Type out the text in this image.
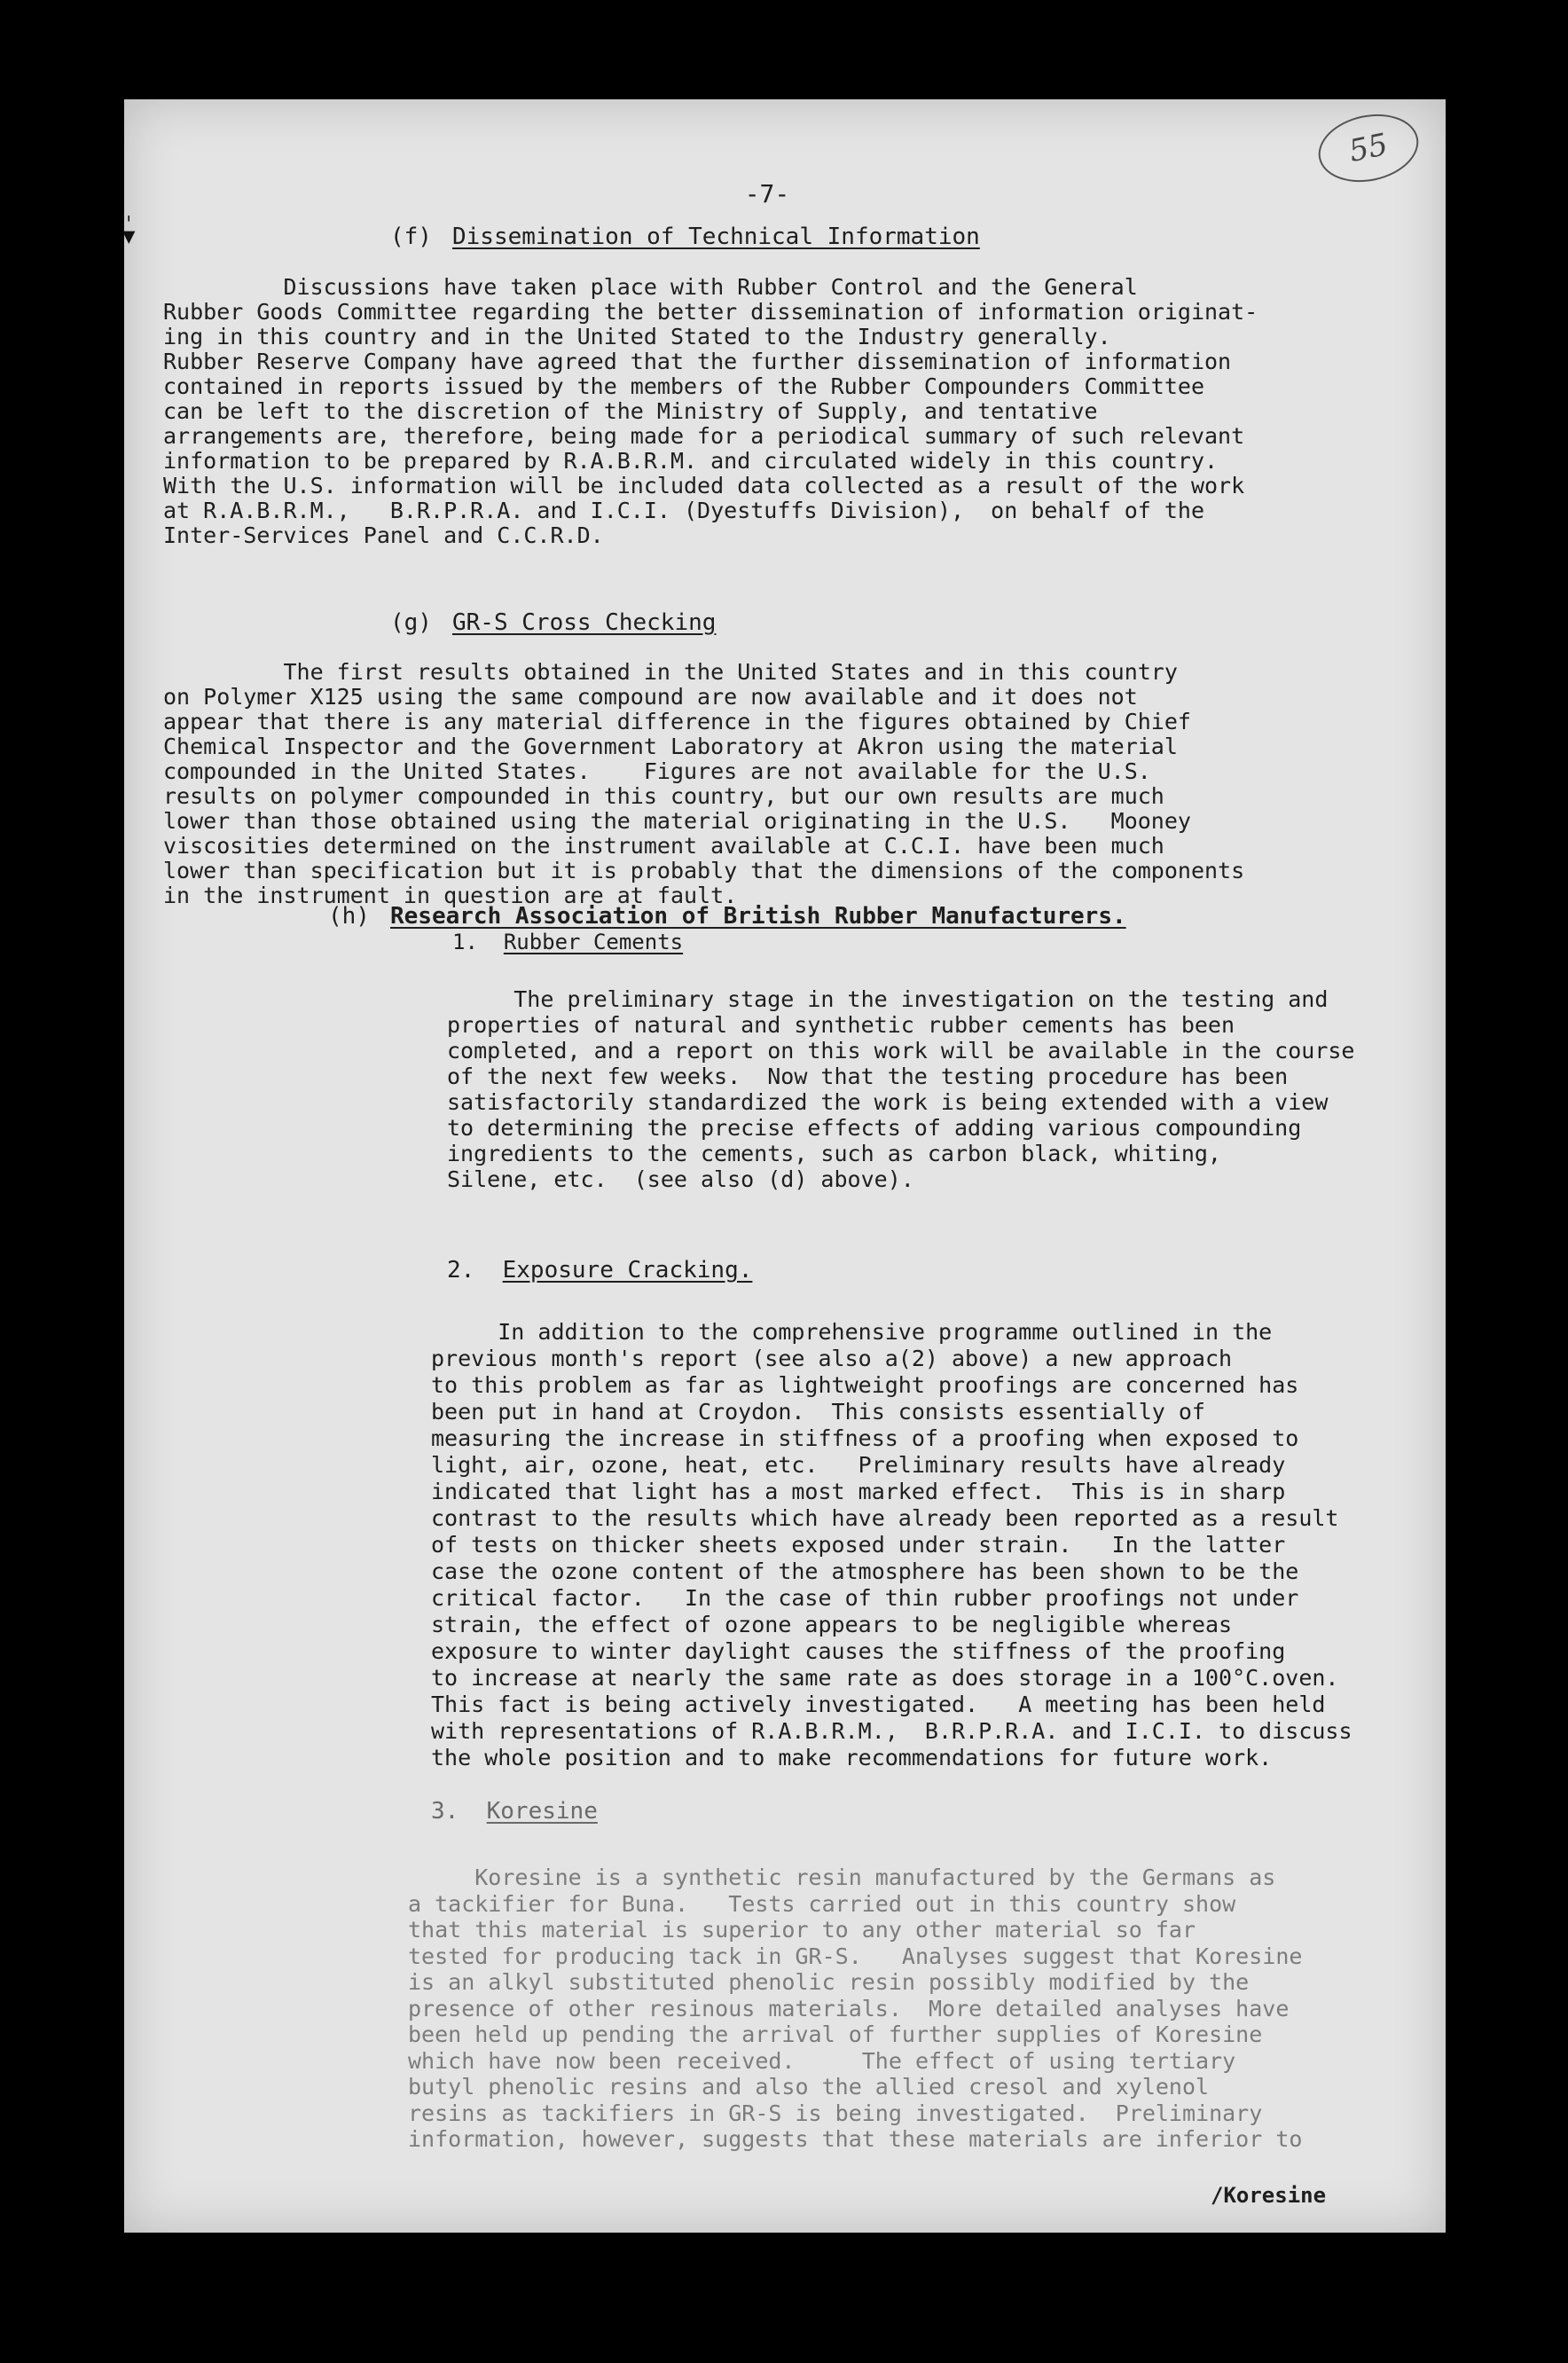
55
ˌ
▼
-7-
(f) Dissemination of Technical Information
Discussions have taken place with Rubber Control and the General
Rubber Goods Committee regarding the better dissemination of information originat-
ing in this country and in the United Stated to the Industry generally.
Rubber Reserve Company have agreed that the further dissemination of information
contained in reports issued by the members of the Rubber Compounders Committee
can be left to the discretion of the Ministry of Supply, and tentative
arrangements are, therefore, being made for a periodical summary of such relevant
information to be prepared by R.A.B.R.M. and circulated widely in this country.
With the U.S. information will be included data collected as a result of the work
at R.A.B.R.M.,   B.R.P.R.A. and I.C.I. (Dyestuffs Division),  on behalf of the
Inter-Services Panel and C.C.R.D.
(g) GR-S Cross Checking
The first results obtained in the United States and in this country
on Polymer X125 using the same compound are now available and it does not
appear that there is any material difference in the figures obtained by Chief
Chemical Inspector and the Government Laboratory at Akron using the material
compounded in the United States.    Figures are not available for the U.S.
results on polymer compounded in this country, but our own results are much
lower than those obtained using the material originating in the U.S.   Mooney
viscosities determined on the instrument available at C.C.I. have been much
lower than specification but it is probably that the dimensions of the components
in the instrument in question are at fault.
(h) Research Association of British Rubber Manufacturers.
1. Rubber Cements
The preliminary stage in the investigation on the testing and
properties of natural and synthetic rubber cements has been
completed, and a report on this work will be available in the course
of the next few weeks.  Now that the testing procedure has been
satisfactorily standardized the work is being extended with a view
to determining the precise effects of adding various compounding
ingredients to the cements, such as carbon black, whiting,
Silene, etc.  (see also (d) above).
2. Exposure Cracking.
In addition to the comprehensive programme outlined in the
previous month's report (see also a(2) above) a new approach
to this problem as far as lightweight proofings are concerned has
been put in hand at Croydon.  This consists essentially of
measuring the increase in stiffness of a proofing when exposed to
light, air, ozone, heat, etc.   Preliminary results have already
indicated that light has a most marked effect.  This is in sharp
contrast to the results which have already been reported as a result
of tests on thicker sheets exposed under strain.   In the latter
case the ozone content of the atmosphere has been shown to be the
critical factor.   In the case of thin rubber proofings not under
strain, the effect of ozone appears to be negligible whereas
exposure to winter daylight causes the stiffness of the proofing
to increase at nearly the same rate as does storage in a 100°C.oven.
This fact is being actively investigated.   A meeting has been held
with representations of R.A.B.R.M.,  B.R.P.R.A. and I.C.I. to discuss
the whole position and to make recommendations for future work.
3. Koresine
Koresine is a synthetic resin manufactured by the Germans as
a tackifier for Buna.   Tests carried out in this country show
that this material is superior to any other material so far
tested for producing tack in GR-S.   Analyses suggest that Koresine
is an alkyl substituted phenolic resin possibly modified by the
presence of other resinous materials.  More detailed analyses have
been held up pending the arrival of further supplies of Koresine
which have now been received.     The effect of using tertiary
butyl phenolic resins and also the allied cresol and xylenol
resins as tackifiers in GR-S is being investigated.  Preliminary
information, however, suggests that these materials are inferior to
/Koresine
